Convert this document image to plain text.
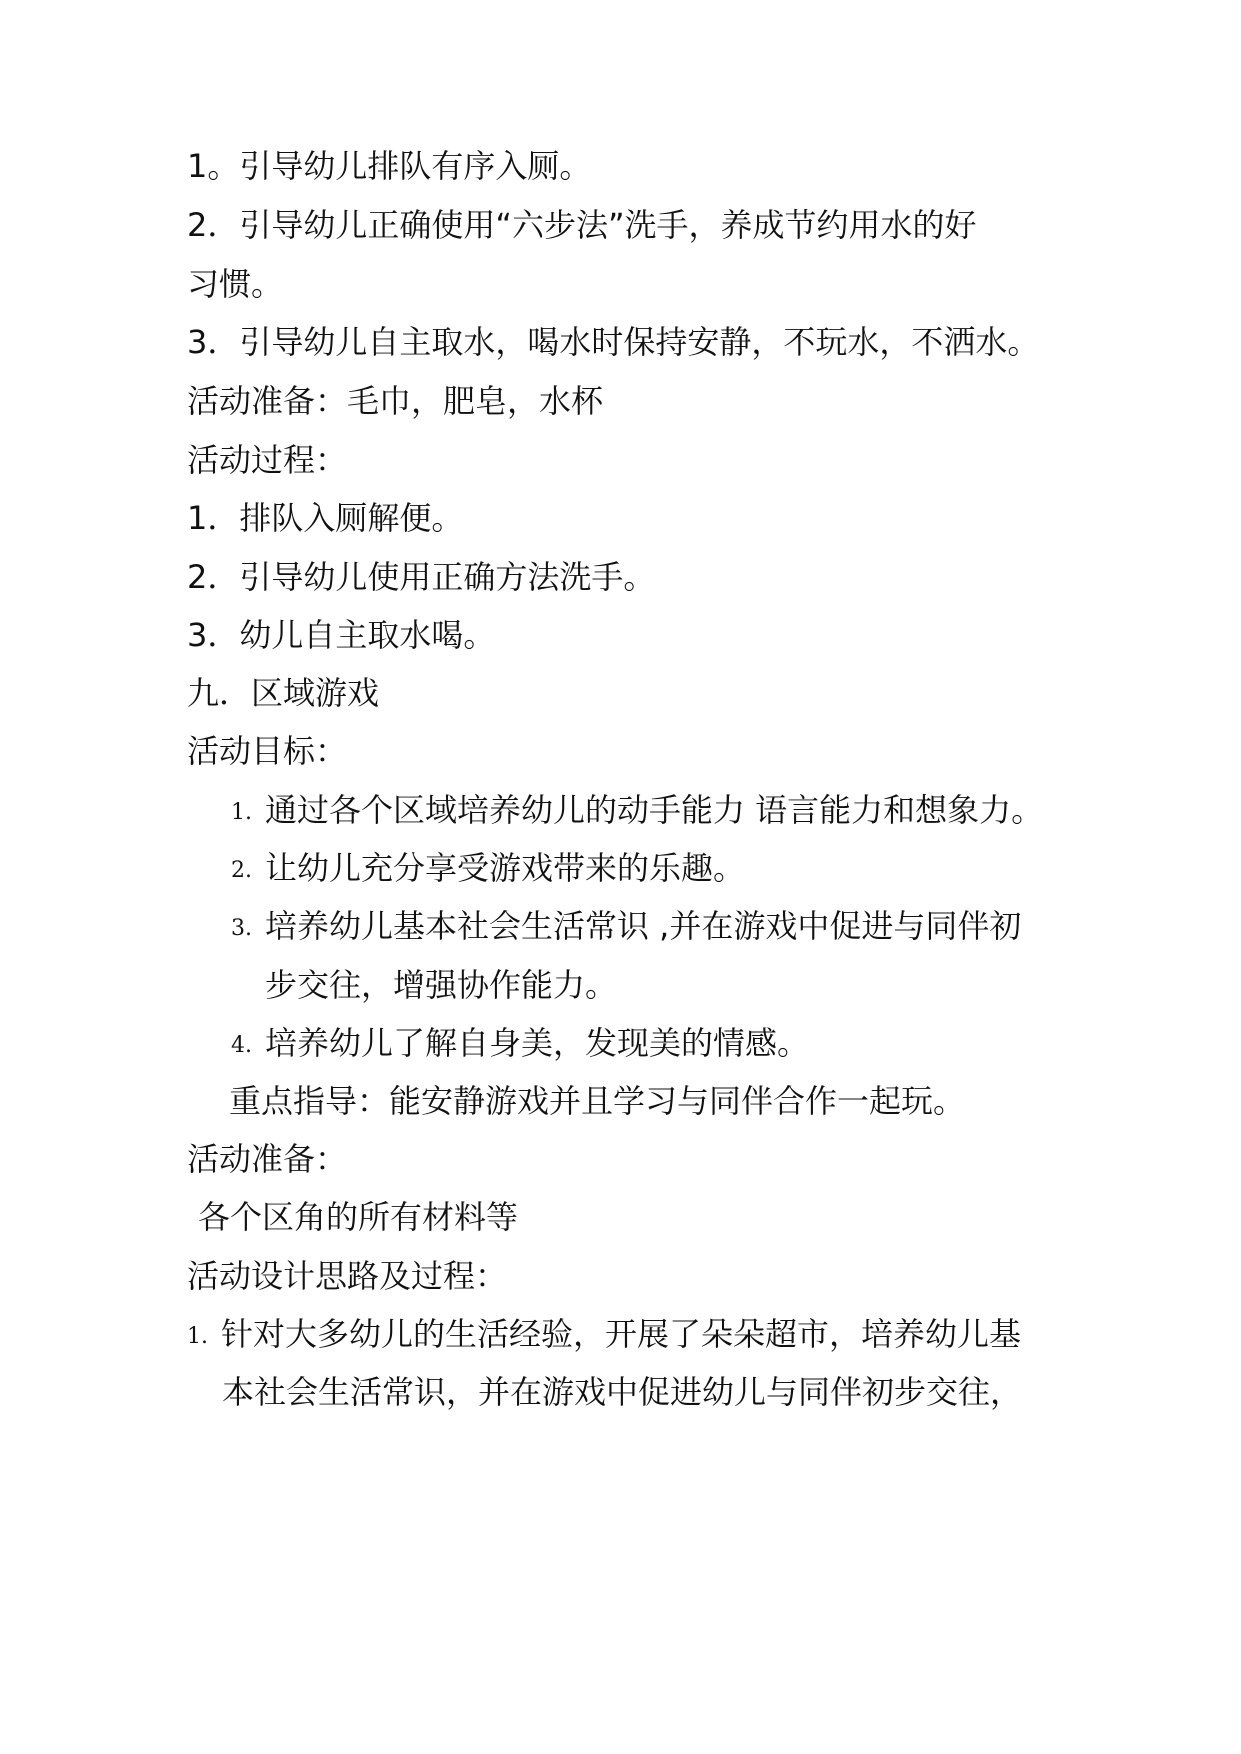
1。引导幼儿排队有序入厕。
2．引导幼儿正确使用“六步法”洗手，养成节约用水的好
习惯。
3．引导幼儿自主取水，喝水时保持安静，不玩水，不洒水。
活动准备：毛巾，肥皂，水杯
活动过程：
1．排队入厕解便。
2．引导幼儿使用正确方法洗手。
3．幼儿自主取水喝。
九．区域游戏
活动目标：
1. 通过各个区域培养幼儿的动手能力 语言能力和想象力。
2. 让幼儿充分享受游戏带来的乐趣。
3. 培养幼儿基本社会生活常识 ,并在游戏中促进与同伴初
步交往，增强协作能力。
4. 培养幼儿了解自身美，发现美的情感。
重点指导：能安静游戏并且学习与同伴合作一起玩。
活动准备：
各个区角的所有材料等
活动设计思路及过程：
1. 针对大多幼儿的生活经验，开展了朵朵超市，培养幼儿基
本社会生活常识，并在游戏中促进幼儿与同伴初步交往，
